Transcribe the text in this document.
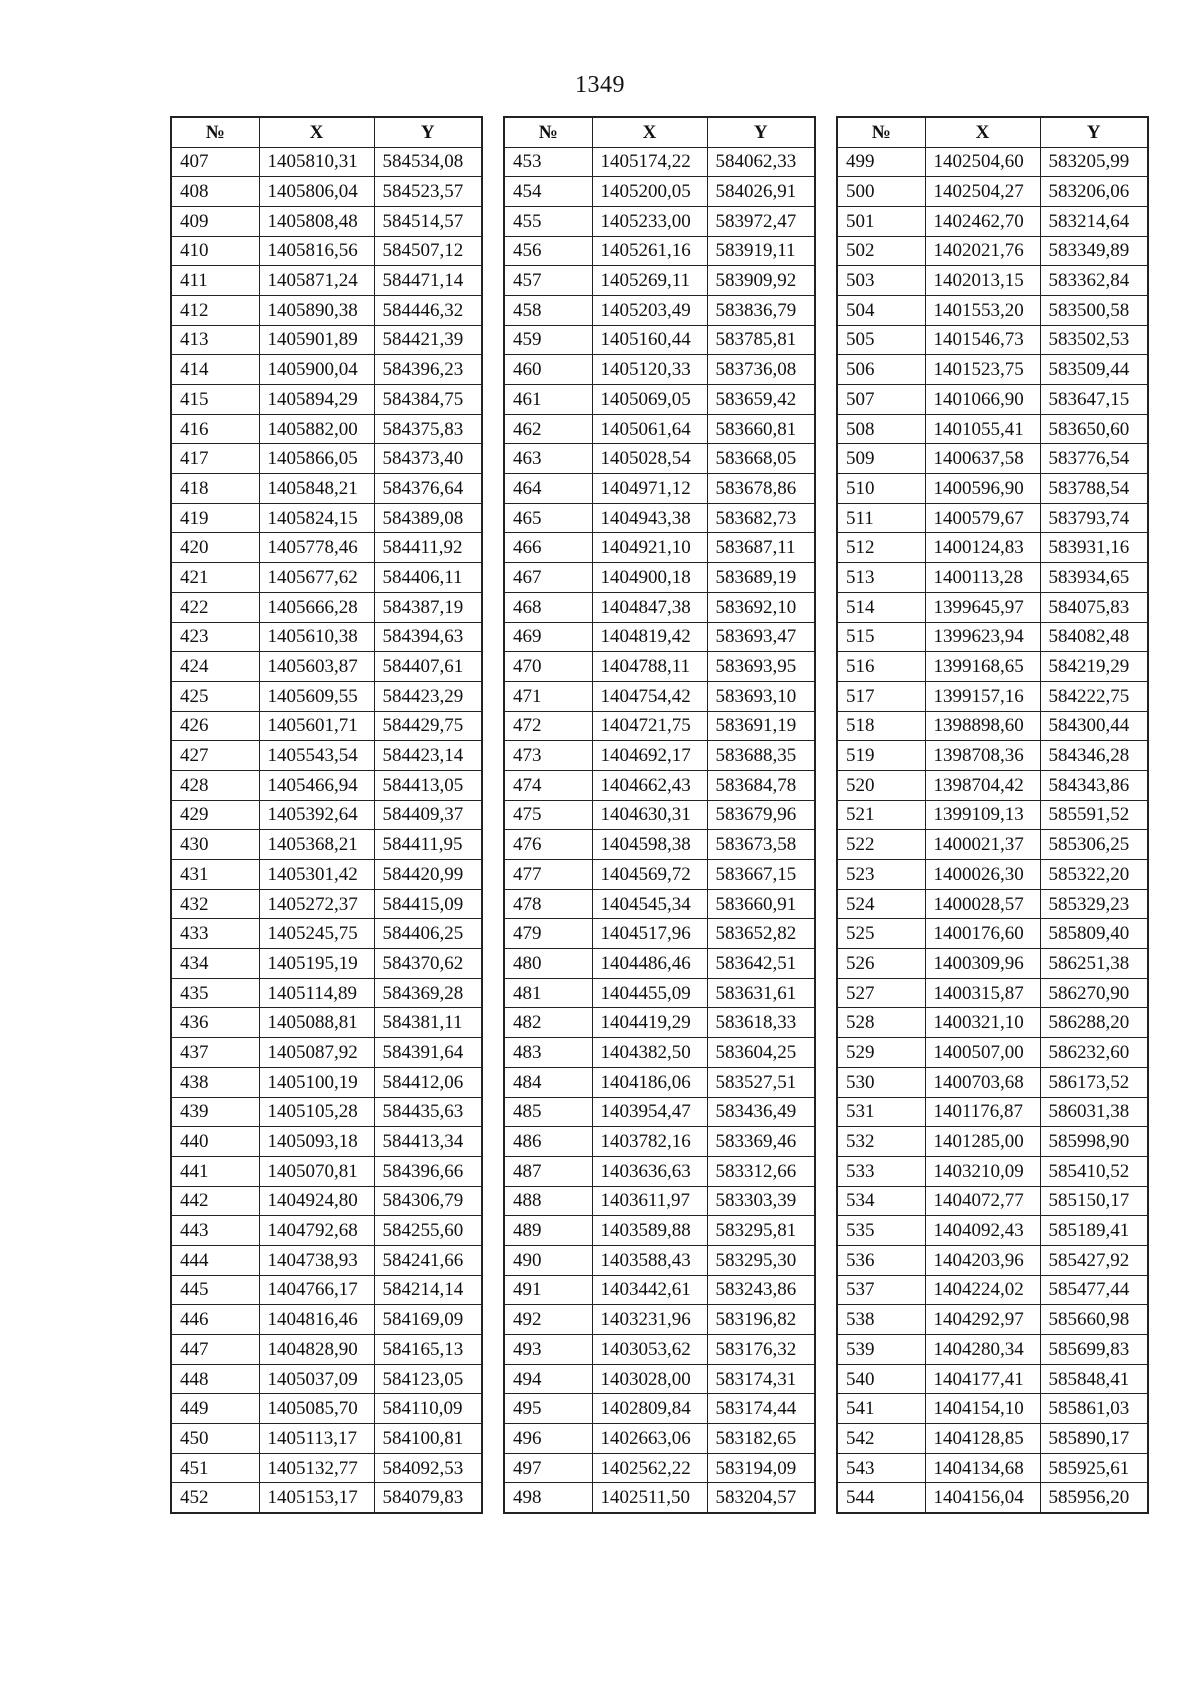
1349
№	X	Y
407	1405810,31	584534,08
408	1405806,04	584523,57
409	1405808,48	584514,57
410	1405816,56	584507,12
411	1405871,24	584471,14
412	1405890,38	584446,32
413	1405901,89	584421,39
414	1405900,04	584396,23
415	1405894,29	584384,75
416	1405882,00	584375,83
417	1405866,05	584373,40
418	1405848,21	584376,64
419	1405824,15	584389,08
420	1405778,46	584411,92
421	1405677,62	584406,11
422	1405666,28	584387,19
423	1405610,38	584394,63
424	1405603,87	584407,61
425	1405609,55	584423,29
426	1405601,71	584429,75
427	1405543,54	584423,14
428	1405466,94	584413,05
429	1405392,64	584409,37
430	1405368,21	584411,95
431	1405301,42	584420,99
432	1405272,37	584415,09
433	1405245,75	584406,25
434	1405195,19	584370,62
435	1405114,89	584369,28
436	1405088,81	584381,11
437	1405087,92	584391,64
438	1405100,19	584412,06
439	1405105,28	584435,63
440	1405093,18	584413,34
441	1405070,81	584396,66
442	1404924,80	584306,79
443	1404792,68	584255,60
444	1404738,93	584241,66
445	1404766,17	584214,14
446	1404816,46	584169,09
447	1404828,90	584165,13
448	1405037,09	584123,05
449	1405085,70	584110,09
450	1405113,17	584100,81
451	1405132,77	584092,53
452	1405153,17	584079,83
№	X	Y
453	1405174,22	584062,33
454	1405200,05	584026,91
455	1405233,00	583972,47
456	1405261,16	583919,11
457	1405269,11	583909,92
458	1405203,49	583836,79
459	1405160,44	583785,81
460	1405120,33	583736,08
461	1405069,05	583659,42
462	1405061,64	583660,81
463	1405028,54	583668,05
464	1404971,12	583678,86
465	1404943,38	583682,73
466	1404921,10	583687,11
467	1404900,18	583689,19
468	1404847,38	583692,10
469	1404819,42	583693,47
470	1404788,11	583693,95
471	1404754,42	583693,10
472	1404721,75	583691,19
473	1404692,17	583688,35
474	1404662,43	583684,78
475	1404630,31	583679,96
476	1404598,38	583673,58
477	1404569,72	583667,15
478	1404545,34	583660,91
479	1404517,96	583652,82
480	1404486,46	583642,51
481	1404455,09	583631,61
482	1404419,29	583618,33
483	1404382,50	583604,25
484	1404186,06	583527,51
485	1403954,47	583436,49
486	1403782,16	583369,46
487	1403636,63	583312,66
488	1403611,97	583303,39
489	1403589,88	583295,81
490	1403588,43	583295,30
491	1403442,61	583243,86
492	1403231,96	583196,82
493	1403053,62	583176,32
494	1403028,00	583174,31
495	1402809,84	583174,44
496	1402663,06	583182,65
497	1402562,22	583194,09
498	1402511,50	583204,57
№	X	Y
499	1402504,60	583205,99
500	1402504,27	583206,06
501	1402462,70	583214,64
502	1402021,76	583349,89
503	1402013,15	583362,84
504	1401553,20	583500,58
505	1401546,73	583502,53
506	1401523,75	583509,44
507	1401066,90	583647,15
508	1401055,41	583650,60
509	1400637,58	583776,54
510	1400596,90	583788,54
511	1400579,67	583793,74
512	1400124,83	583931,16
513	1400113,28	583934,65
514	1399645,97	584075,83
515	1399623,94	584082,48
516	1399168,65	584219,29
517	1399157,16	584222,75
518	1398898,60	584300,44
519	1398708,36	584346,28
520	1398704,42	584343,86
521	1399109,13	585591,52
522	1400021,37	585306,25
523	1400026,30	585322,20
524	1400028,57	585329,23
525	1400176,60	585809,40
526	1400309,96	586251,38
527	1400315,87	586270,90
528	1400321,10	586288,20
529	1400507,00	586232,60
530	1400703,68	586173,52
531	1401176,87	586031,38
532	1401285,00	585998,90
533	1403210,09	585410,52
534	1404072,77	585150,17
535	1404092,43	585189,41
536	1404203,96	585427,92
537	1404224,02	585477,44
538	1404292,97	585660,98
539	1404280,34	585699,83
540	1404177,41	585848,41
541	1404154,10	585861,03
542	1404128,85	585890,17
543	1404134,68	585925,61
544	1404156,04	585956,20
